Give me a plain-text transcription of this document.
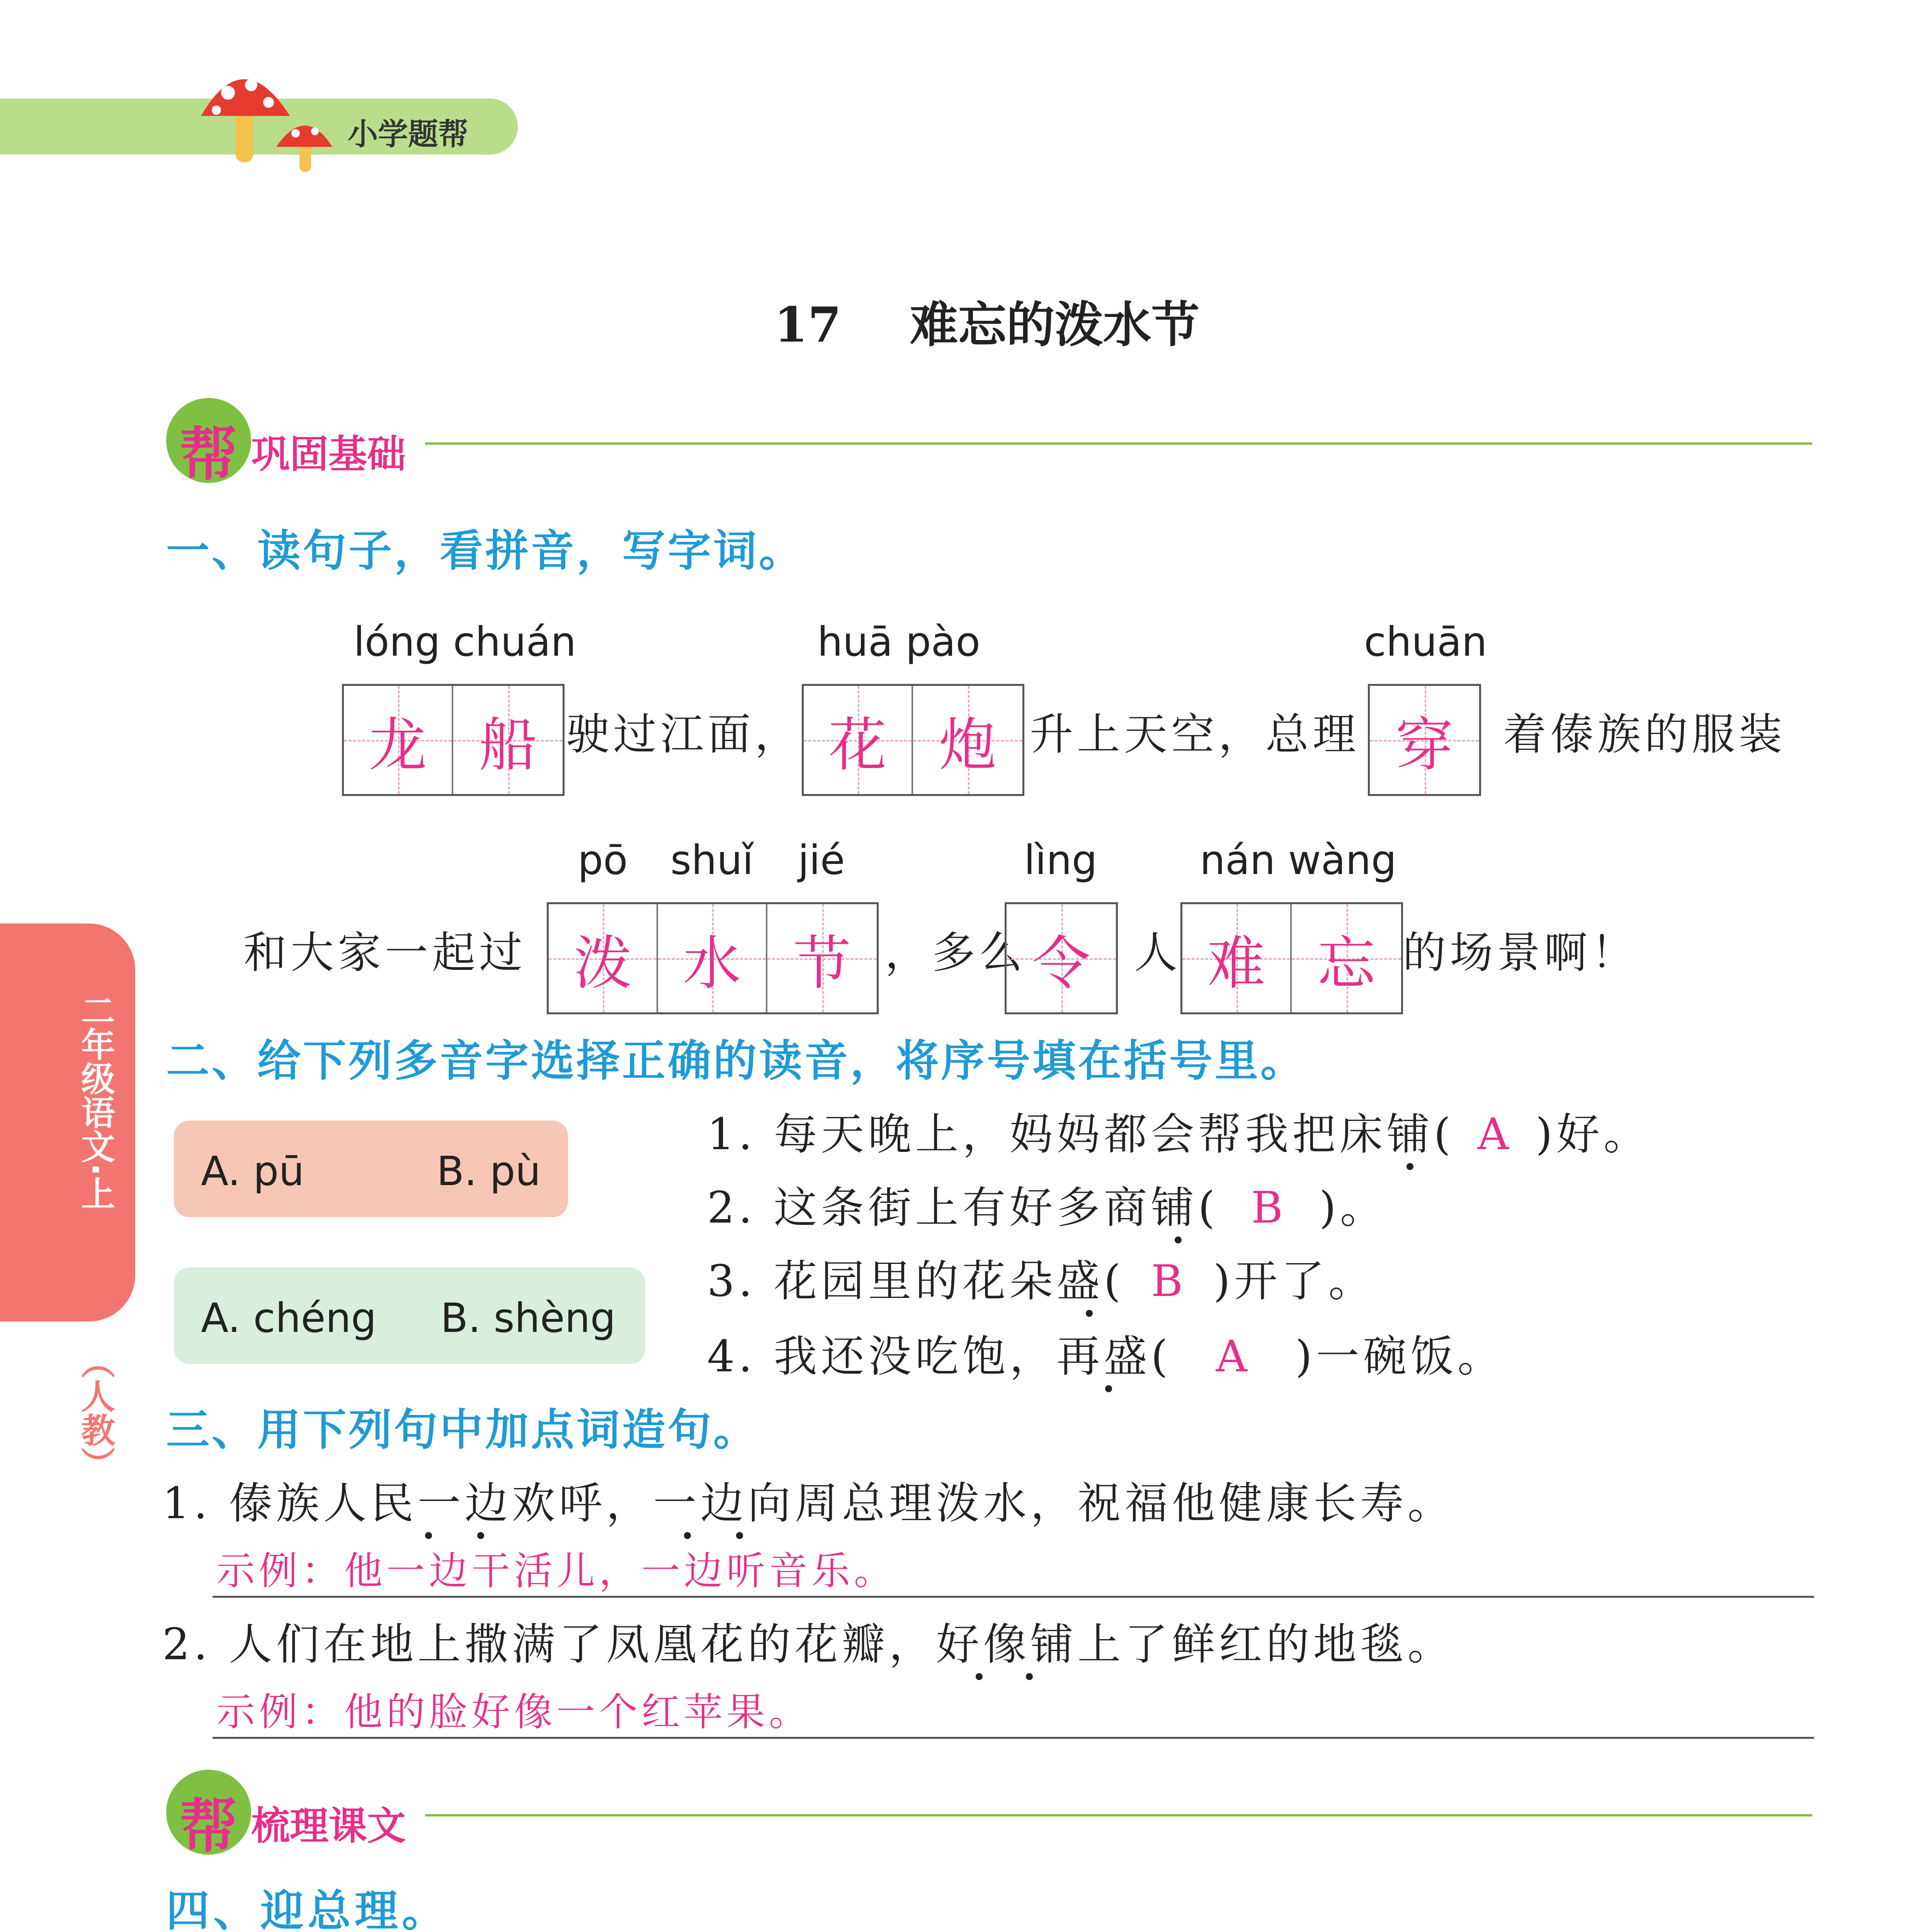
小学题帮
17 难忘的泼水节
帮 巩固基础
一、读句子，看拼音，写字词。
lóng chuán	huā pào	chuān
龙 船 驶过江面， 花 炮 升上天空，总理 穿	着傣族的服装
pō shuǐ jié	lìng	nán wàng
和大家一起过 泼 水 节 ，多么 令	人 难 忘 的场景啊！
二、给下列多音字选择正确的读音，将序号填在括号里。
A. pū	B. pù
A. chéng B. shèng
1. 每天晚上，妈妈都会帮我把床铺( A )好。
2. 这条街上有好多商铺( B )。
3. 花园里的花朵盛( B )开了。
4. 我还没吃饱，再盛( A )一碗饭。
三、用下列句中加点词造句。
1. 傣族人民一边欢呼，一边向周总理泼水，祝福他健康长寿。
示例：他一边干活儿，一边听音乐。
2. 人们在地上撒满了凤凰花的花瓣，好像铺上了鲜红的地毯。
示例：他的脸好像一个红苹果。
帮 梳理课文
四、迎总理。
二年级语文·上
（人教）
